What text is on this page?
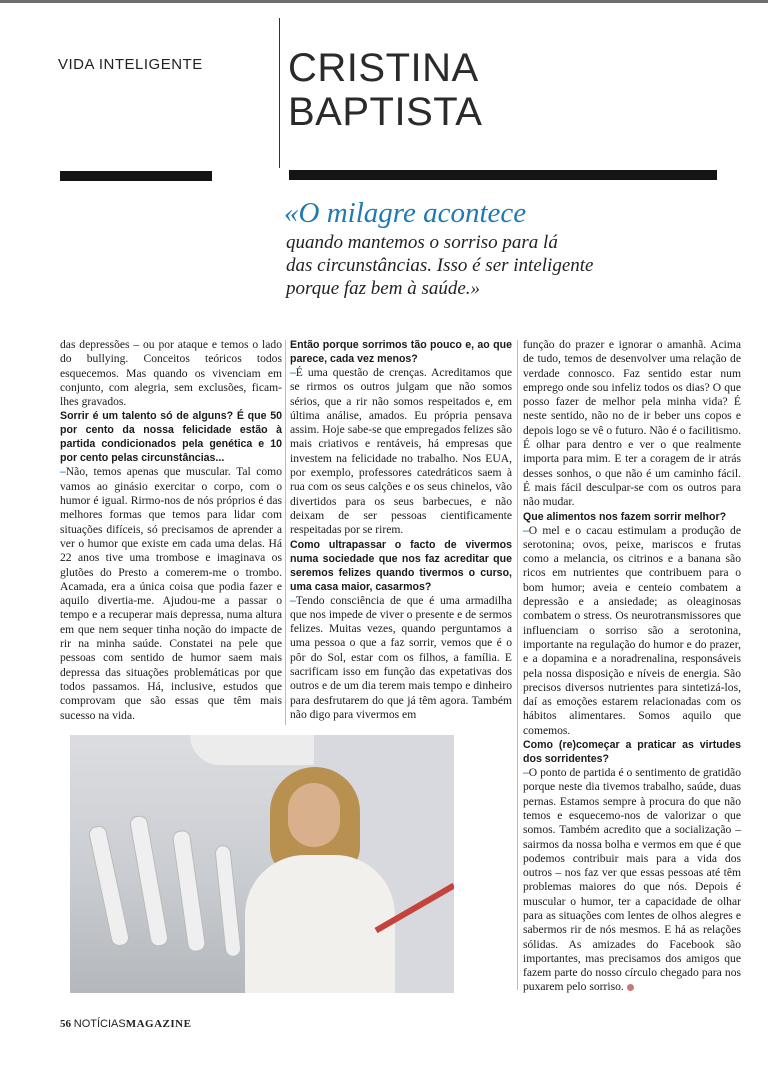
VIDA INTELIGENTE CRISTINA
BAPTISTA
«O milagre acontece
quando mantemos o sorriso para lá
das circunstâncias. Isso é ser inteligente
porque faz bem à saúde.»

das depressões – ou por ataque e temos o lado do bullying. Conceitos teóricos todos esquecemos. Mas quando os vivenciam em conjunto, com alegria, sem exclusões, ficam-lhes gravados.

Sorrir é um talento só de alguns? É que 50 por cento da nossa felicidade estão à partida condicionados pela genética e 10 por cento pelas circunstâncias...

–Não, temos apenas que muscular. Tal como vamos ao ginásio exercitar o corpo, com o humor é igual. Rirmo-nos de nós próprios é das melhores formas que temos para lidar com situações difíceis, só precisamos de aprender a ver o humor que existe em cada uma delas. Há 22 anos tive uma trombose e imaginava os glutões do Presto a comerem-me o trombo. Acamada, era a única coisa que podia fazer e aquilo divertia-me. Ajudou-me a passar o tempo e a recuperar mais depressa, numa altura em que nem sequer tinha noção do impacte de rir na minha saúde. Constatei na pele que pessoas com sentido de humor saem mais depressa das situações problemáticas por que todos passamos. Há, inclusive, estudos que comprovam que são essas que têm mais sucesso na vida.

Então porque sorrimos tão pouco e, ao que parece, cada vez menos?

–É uma questão de crenças. Acreditamos que se rirmos os outros julgam que não somos sérios, que a rir não somos respeitados e, em última análise, amados. Eu própria pensava assim. Hoje sabe-se que empregados felizes são mais criativos e rentáveis, há empresas que investem na felicidade no trabalho. Nos EUA, por exemplo, professores catedráticos saem à rua com os seus calções e os seus chinelos, vão divertidos para os seus barbecues, e não deixam de ser pessoas cientificamente respeitadas por se rirem.

Como ultrapassar o facto de vivermos numa sociedade que nos faz acreditar que seremos felizes quando tivermos o curso, uma casa maior, casarmos?

–Tendo consciência de que é uma armadilha que nos impede de viver o presente e de sermos felizes. Muitas vezes, quando perguntamos a uma pessoa o que a faz sorrir, vemos que é o pôr do Sol, estar com os filhos, a família. E sacrificam isso em função das expetativas dos outros e de um dia terem mais tempo e dinheiro para desfrutarem do que já têm agora. Também não digo para vivermos em

função do prazer e ignorar o amanhã. Acima de tudo, temos de desenvolver uma relação de verdade connosco. Faz sentido estar num emprego onde sou infeliz todos os dias? O que posso fazer de melhor pela minha vida? É neste sentido, não no de ir beber uns copos e depois logo se vê o futuro. Não é o facilitismo. É olhar para dentro e ver o que realmente importa para mim. E ter a coragem de ir atrás desses sonhos, o que não é um caminho fácil. É mais fácil desculpar-se com os outros para não mudar.

Que alimentos nos fazem sorrir melhor?

–O mel e o cacau estimulam a produção de serotonina; ovos, peixe, mariscos e frutas como a melancia, os citrinos e a banana são ricos em nutrientes que contribuem para o bom humor; aveia e centeio combatem a depressão e a ansiedade; as oleaginosas combatem o stress. Os neurotransmissores que influenciam o sorriso são a serotonina, importante na regulação do humor e do prazer, e a dopamina e a noradrenalina, responsáveis pela nossa disposição e níveis de energia. São precisos diversos nutrientes para sintetizá-los, daí as emoções estarem relacionadas com os hábitos alimentares. Somos aquilo que comemos.

Como (re)começar a praticar as virtudes dos sorridentes?

–O ponto de partida é o sentimento de gratidão porque neste dia tivemos trabalho, saúde, duas pernas. Estamos sempre à procura do que não temos e esquecemo-nos de valorizar o que somos. Também acredito que a socialização – sairmos da nossa bolha e vermos em que é que podemos contribuir mais para a vida dos outros – nos faz ver que essas pessoas até têm problemas maiores do que nós. Depois é muscular o humor, ter a capacidade de olhar para as situações com lentes de olhos alegres e sabermos rir de nós mesmos. E há as relações sólidas. As amizades do Facebook são importantes, mas precisamos dos amigos que fazem parte do nosso círculo chegado para nos puxarem pelo sorriso.

56 NOTÍCIASMAGAZINE
